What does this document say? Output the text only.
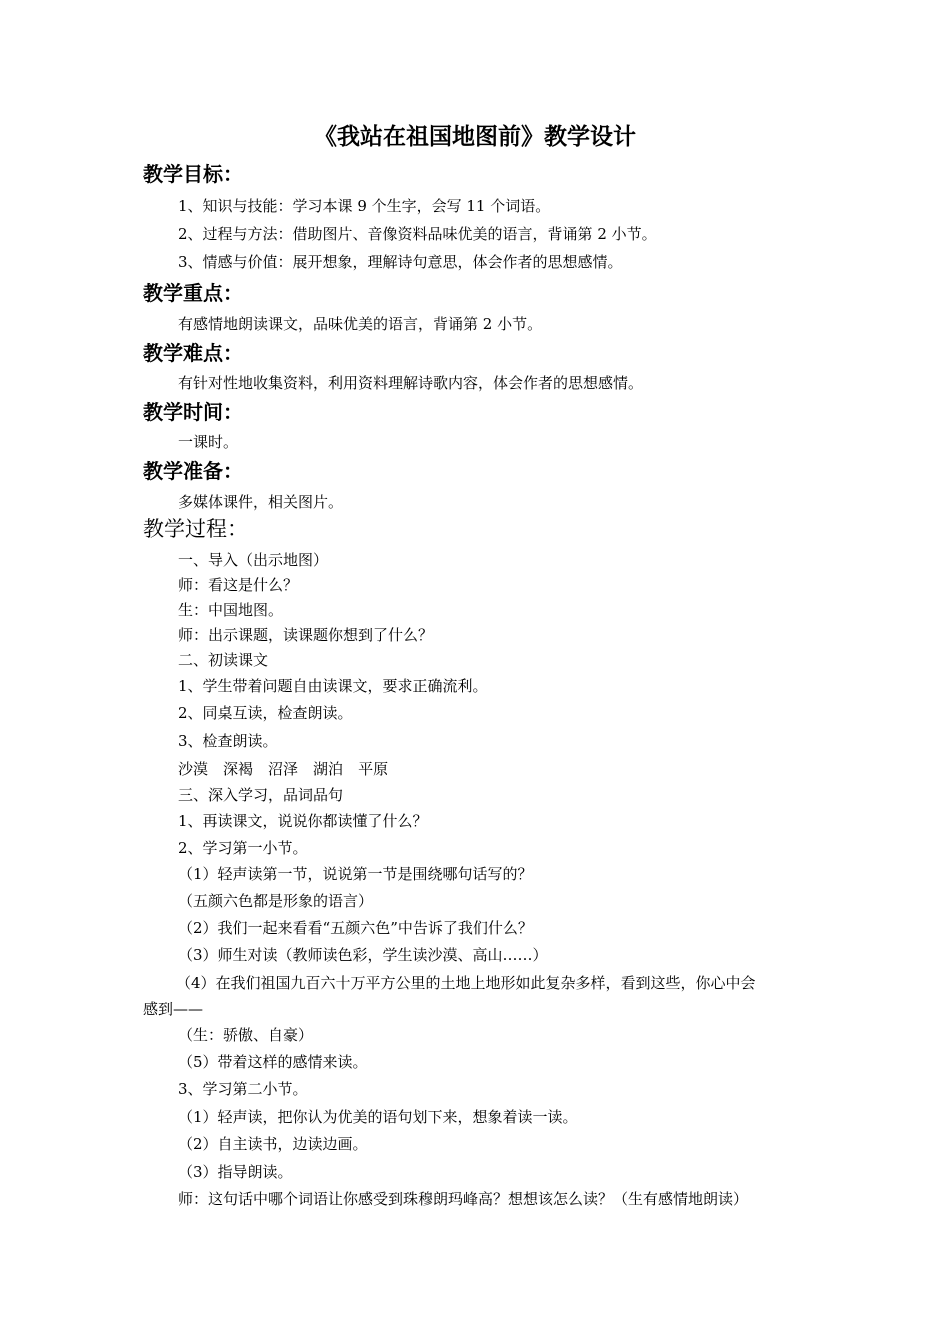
《我站在祖国地图前》教学设计
教学目标：
1、知识与技能：学习本课 9 个生字，会写 11 个词语。
2、过程与方法：借助图片、音像资料品味优美的语言，背诵第 2 小节。
3、情感与价值：展开想象，理解诗句意思，体会作者的思想感情。
教学重点：
有感情地朗读课文，品味优美的语言，背诵第 2 小节。
教学难点：
有针对性地收集资料，利用资料理解诗歌内容，体会作者的思想感情。
教学时间：
一课时。
教学准备：
多媒体课件，相关图片。
教学过程：
一、导入（出示地图）
师：看这是什么？
生：中国地图。
师：出示课题，读课题你想到了什么？
二、初读课文
1、学生带着问题自由读课文，要求正确流利。
2、同桌互读，检查朗读。
3、检查朗读。
沙漠 深褐 沼泽 湖泊 平原
三、深入学习，品词品句
1、再读课文，说说你都读懂了什么？
2、学习第一小节。
（1）轻声读第一节，说说第一节是围绕哪句话写的？
（五颜六色都是形象的语言）
（2）我们一起来看看“五颜六色”中告诉了我们什么？
（3）师生对读（教师读色彩，学生读沙漠、高山……）
（4）在我们祖国九百六十万平方公里的土地上地形如此复杂多样，看到这些，你心中会
感到——
（生：骄傲、自豪）
（5）带着这样的感情来读。
3、学习第二小节。
（1）轻声读，把你认为优美的语句划下来，想象着读一读。
（2）自主读书，边读边画。
（3）指导朗读。
师：这句话中哪个词语让你感受到珠穆朗玛峰高？想想该怎么读？（生有感情地朗读）
